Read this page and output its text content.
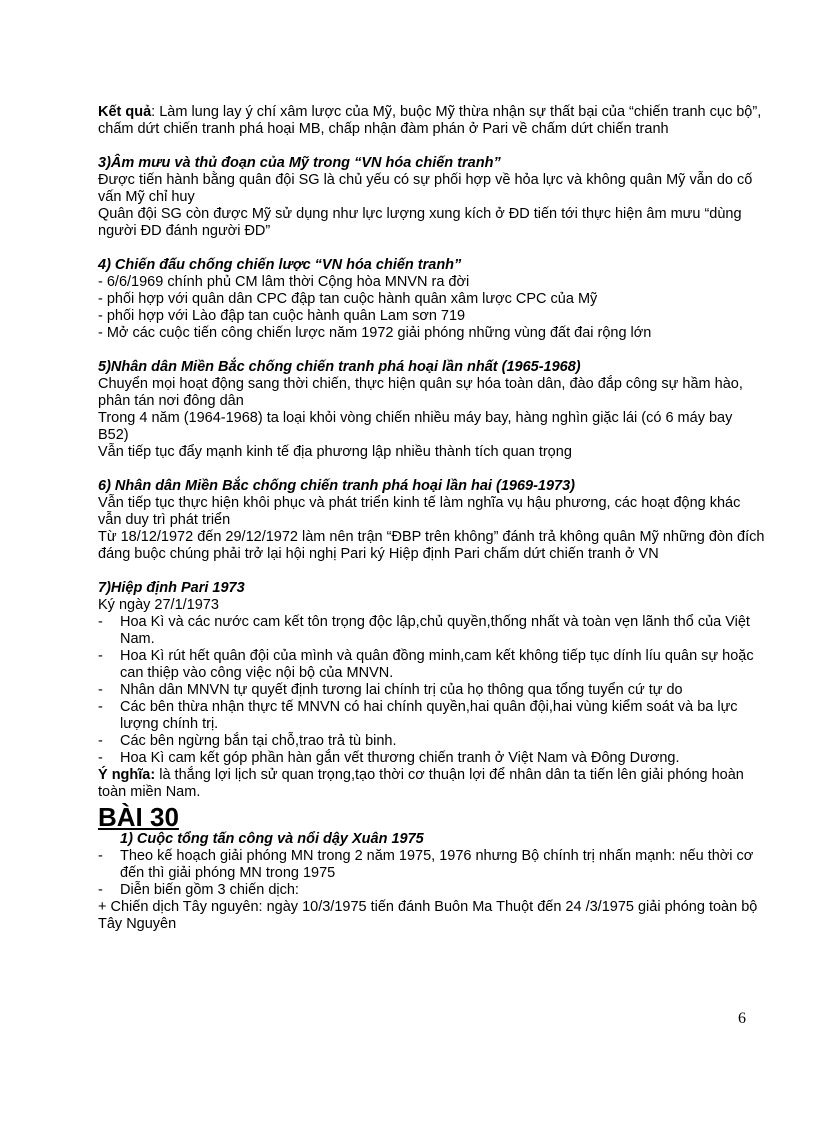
Kết quả: Làm lung lay ý chí xâm lược của Mỹ, buộc Mỹ thừa nhận sự thất bại của “chiến tranh cục bộ”, chấm dứt chiến tranh phá hoại MB, chấp nhận đàm phán ở Pari về chấm dứt chiến tranh

3)Âm mưu và thủ đoạn của Mỹ trong “VN hóa chiến tranh”

Được tiến hành bằng quân đội SG là chủ yếu có sự phối hợp về hỏa lực và không quân Mỹ vẫn do cố vấn Mỹ chỉ huy

Quân đội SG còn được Mỹ sử dụng như lực lượng xung kích ở ĐD tiến tới thực hiện âm mưu “dùng người ĐD đánh người ĐD”

4) Chiến đấu chống chiến lược “VN hóa chiến tranh”

- 6/6/1969 chính phủ CM lâm thời Cộng hòa MNVN ra đời

- phối hợp với quân dân CPC đập tan cuộc hành quân xâm lược CPC của Mỹ

- phối hợp với Lào đập tan cuộc hành quân Lam sơn 719

- Mở các cuộc tiến công chiến lược năm 1972 giải phóng những vùng đất đai rộng lớn

5)Nhân dân Miền Bắc chống chiến tranh phá hoại lần nhất (1965-1968)

Chuyển mọi hoạt động sang thời chiến, thực hiện quân sự hóa toàn dân, đào đắp công sự hầm hào, phân tán nơi đông dân

Trong 4 năm (1964-1968) ta loại khỏi vòng chiến nhiều máy bay, hàng nghìn giặc lái (có 6 máy bay B52)

Vẫn tiếp tục đẩy mạnh kinh tế địa phương lập nhiều thành tích quan trọng

6) Nhân dân Miền Bắc chống chiến tranh phá hoại lần hai (1969-1973)

Vẫn tiếp tục thực hiện khôi phục và phát triển kinh tế làm nghĩa vụ hậu phương, các hoạt động khác vẫn duy trì phát triển

Từ 18/12/1972 đến 29/12/1972 làm nên trận “ĐBP trên không” đánh trả không quân Mỹ những đòn đích đáng buộc chúng phải trở lại hội nghị Pari ký Hiệp định Pari chấm dứt chiến tranh ở VN

7)Hiệp định Pari 1973

Ký ngày 27/1/1973

- Hoa Kì và các nước cam kết tôn trọng độc lập,chủ quyền,thống nhất và toàn vẹn lãnh thổ của Việt Nam.

- Hoa Kì rút hết quân đội của mình và quân đồng minh,cam kết không tiếp tục dính líu quân sự hoặc can thiệp vào công việc nội bộ của MNVN.

- Nhân dân MNVN tự quyết định tương lai chính trị của họ thông qua tổng tuyển cứ tự do

- Các bên thừa nhận thực tế MNVN có hai chính quyền,hai quân đội,hai vùng kiểm soát và ba lực lượng chính trị.

- Các bên ngừng bắn tại chỗ,trao trả tù binh.

- Hoa Kì cam kết góp phần hàn gắn vết thương chiến tranh ở Việt Nam và Đông Dương.

Ý nghĩa: là thắng lợi lịch sử quan trọng,tạo thời cơ thuận lợi để nhân dân ta tiến lên giải phóng hoàn toàn miền Nam.

BÀI 30

1) Cuộc tổng tấn công và nổi dậy Xuân 1975

- Theo kế hoạch giải phóng MN trong 2 năm 1975, 1976 nhưng Bộ chính trị nhấn mạnh: nếu thời cơ đến thì giải phóng MN trong 1975

- Diễn biến gồm 3 chiến dịch:

+ Chiến dịch Tây nguyên: ngày 10/3/1975 tiến đánh Buôn Ma Thuột đến 24 /3/1975 giải phóng toàn bộ Tây Nguyên

6
